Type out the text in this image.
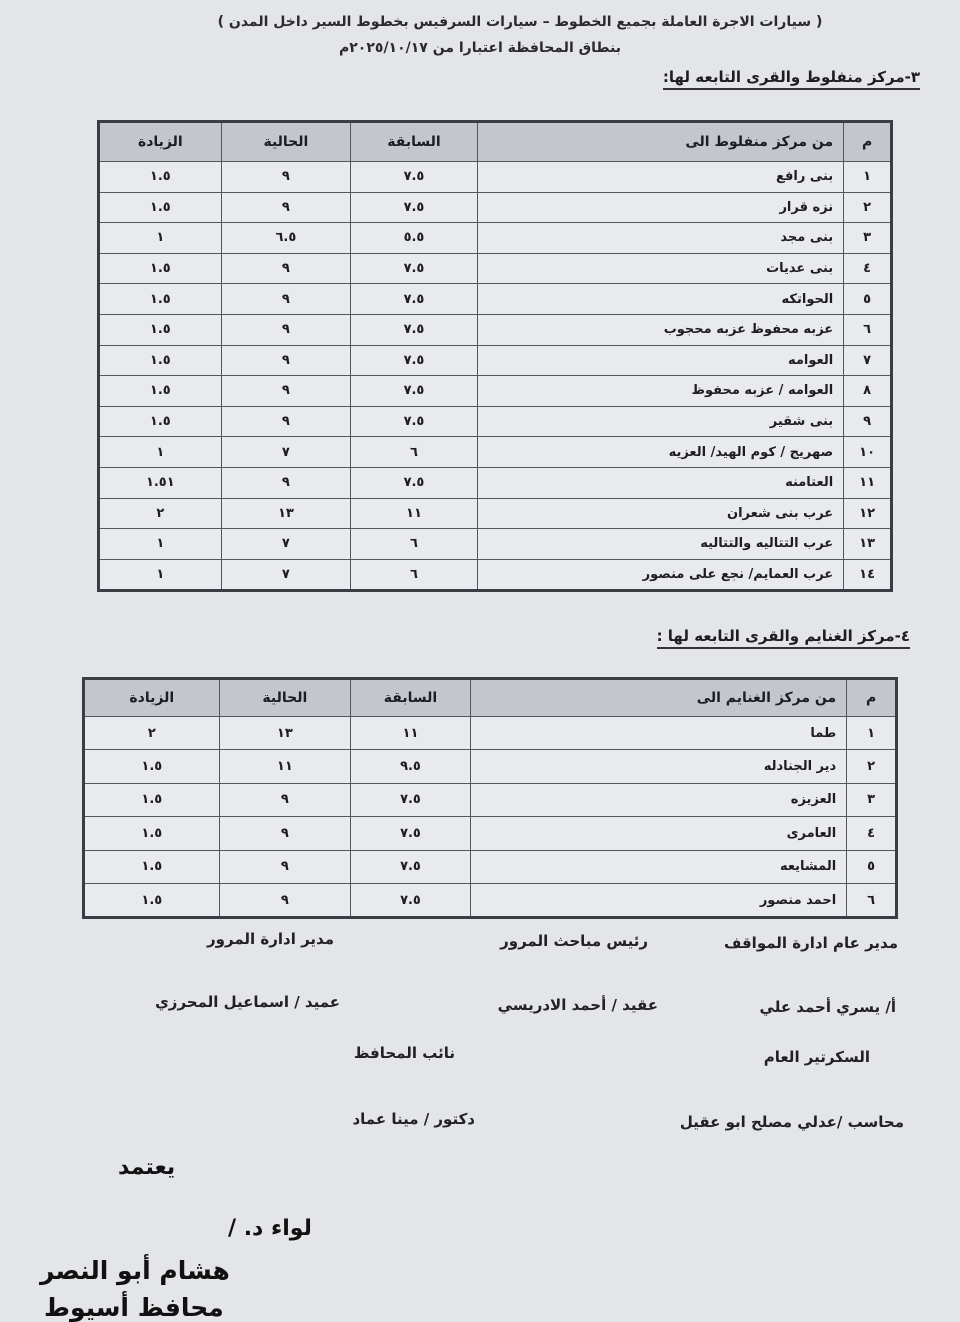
( سيارات الاجرة العاملة بجميع الخطوط – سيارات السرفيس بخطوط السير داخل المدن )
بنطاق المحافظة اعتبارا من ٢٠٢٥/١٠/١٧م
٣-مركز منفلوط والقرى التابعه لها:
م	من مركز منفلوط الى	السابقة	الحالية	الزيادة
١	بنى رافع	٧.٥	٩	١.٥
٢	نزه قرار	٧.٥	٩	١.٥
٣	بنى مجد	٥.٥	٦.٥	١
٤	بنى عديات	٧.٥	٩	١.٥
٥	الحواتكه	٧.٥	٩	١.٥
٦	عزبه محفوظ عزبه محجوب	٧.٥	٩	١.٥
٧	العوامه	٧.٥	٩	١.٥
٨	العوامه / عزبه محفوظ	٧.٥	٩	١.٥
٩	بنى شقير	٧.٥	٩	١.٥
١٠	صهريج / كوم الهيد/ العزيه	٦	٧	١
١١	العتامنه	٧.٥	٩	١.٥١
١٢	عرب بنى شعران	١١	١٣	٢
١٣	عرب التتاليه والتتاليه	٦	٧	١
١٤	عرب العمايم/ نجع على منصور	٦	٧	١
٤-مركز الغنايم والقرى التابعه لها :
م	من مركز الغنايم الى	السابقة	الحالية	الزيادة
١	طما	١١	١٣	٢
٢	دير الجنادله	٩.٥	١١	١.٥
٣	العزيزه	٧.٥	٩	١.٥
٤	العامرى	٧.٥	٩	١.٥
٥	المشايعه	٧.٥	٩	١.٥
٦	احمد منصور	٧.٥	٩	١.٥
مدير عام ادارة المواقف
رئيس مباحث المرور
مدير ادارة المرور
أ/ يسري أحمد علي
عقيد / أحمد الادريسي
عميد / اسماعيل المحرزي
السكرتير العام
نائب المحافظ
محاسب /عدلي مصلح ابو عقيل
دكتور / مينا عماد
يعتمد
لواء د. /
هشام أبو النصر
محافظ أسيوط
